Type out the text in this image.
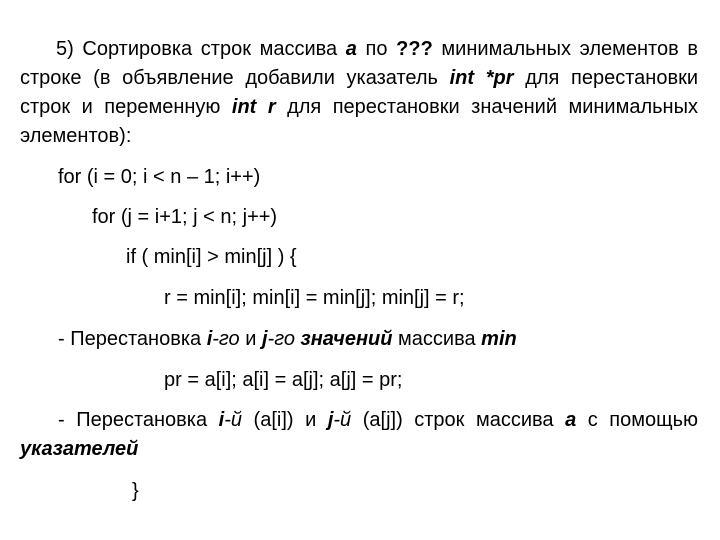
5) Сортировка строк массива a по ??? минимальных элементов в строке (в объявление добавили указатель int *pr для перестановки строк и переменную int r для перестановки значений минимальных элементов):

for (i = 0; i < n – 1; i++)

for (j = i+1; j < n; j++)

if ( min[i] > min[j] ) {

r = min[i]; min[i] = min[j]; min[j] = r;

- Перестановка i-го и j-го значений массива min

pr = a[i]; a[i] = a[j]; a[j] = pr;

- Перестановка i-й (a[i]) и j-й (a[j]) строк массива a с помощью указателей

}
